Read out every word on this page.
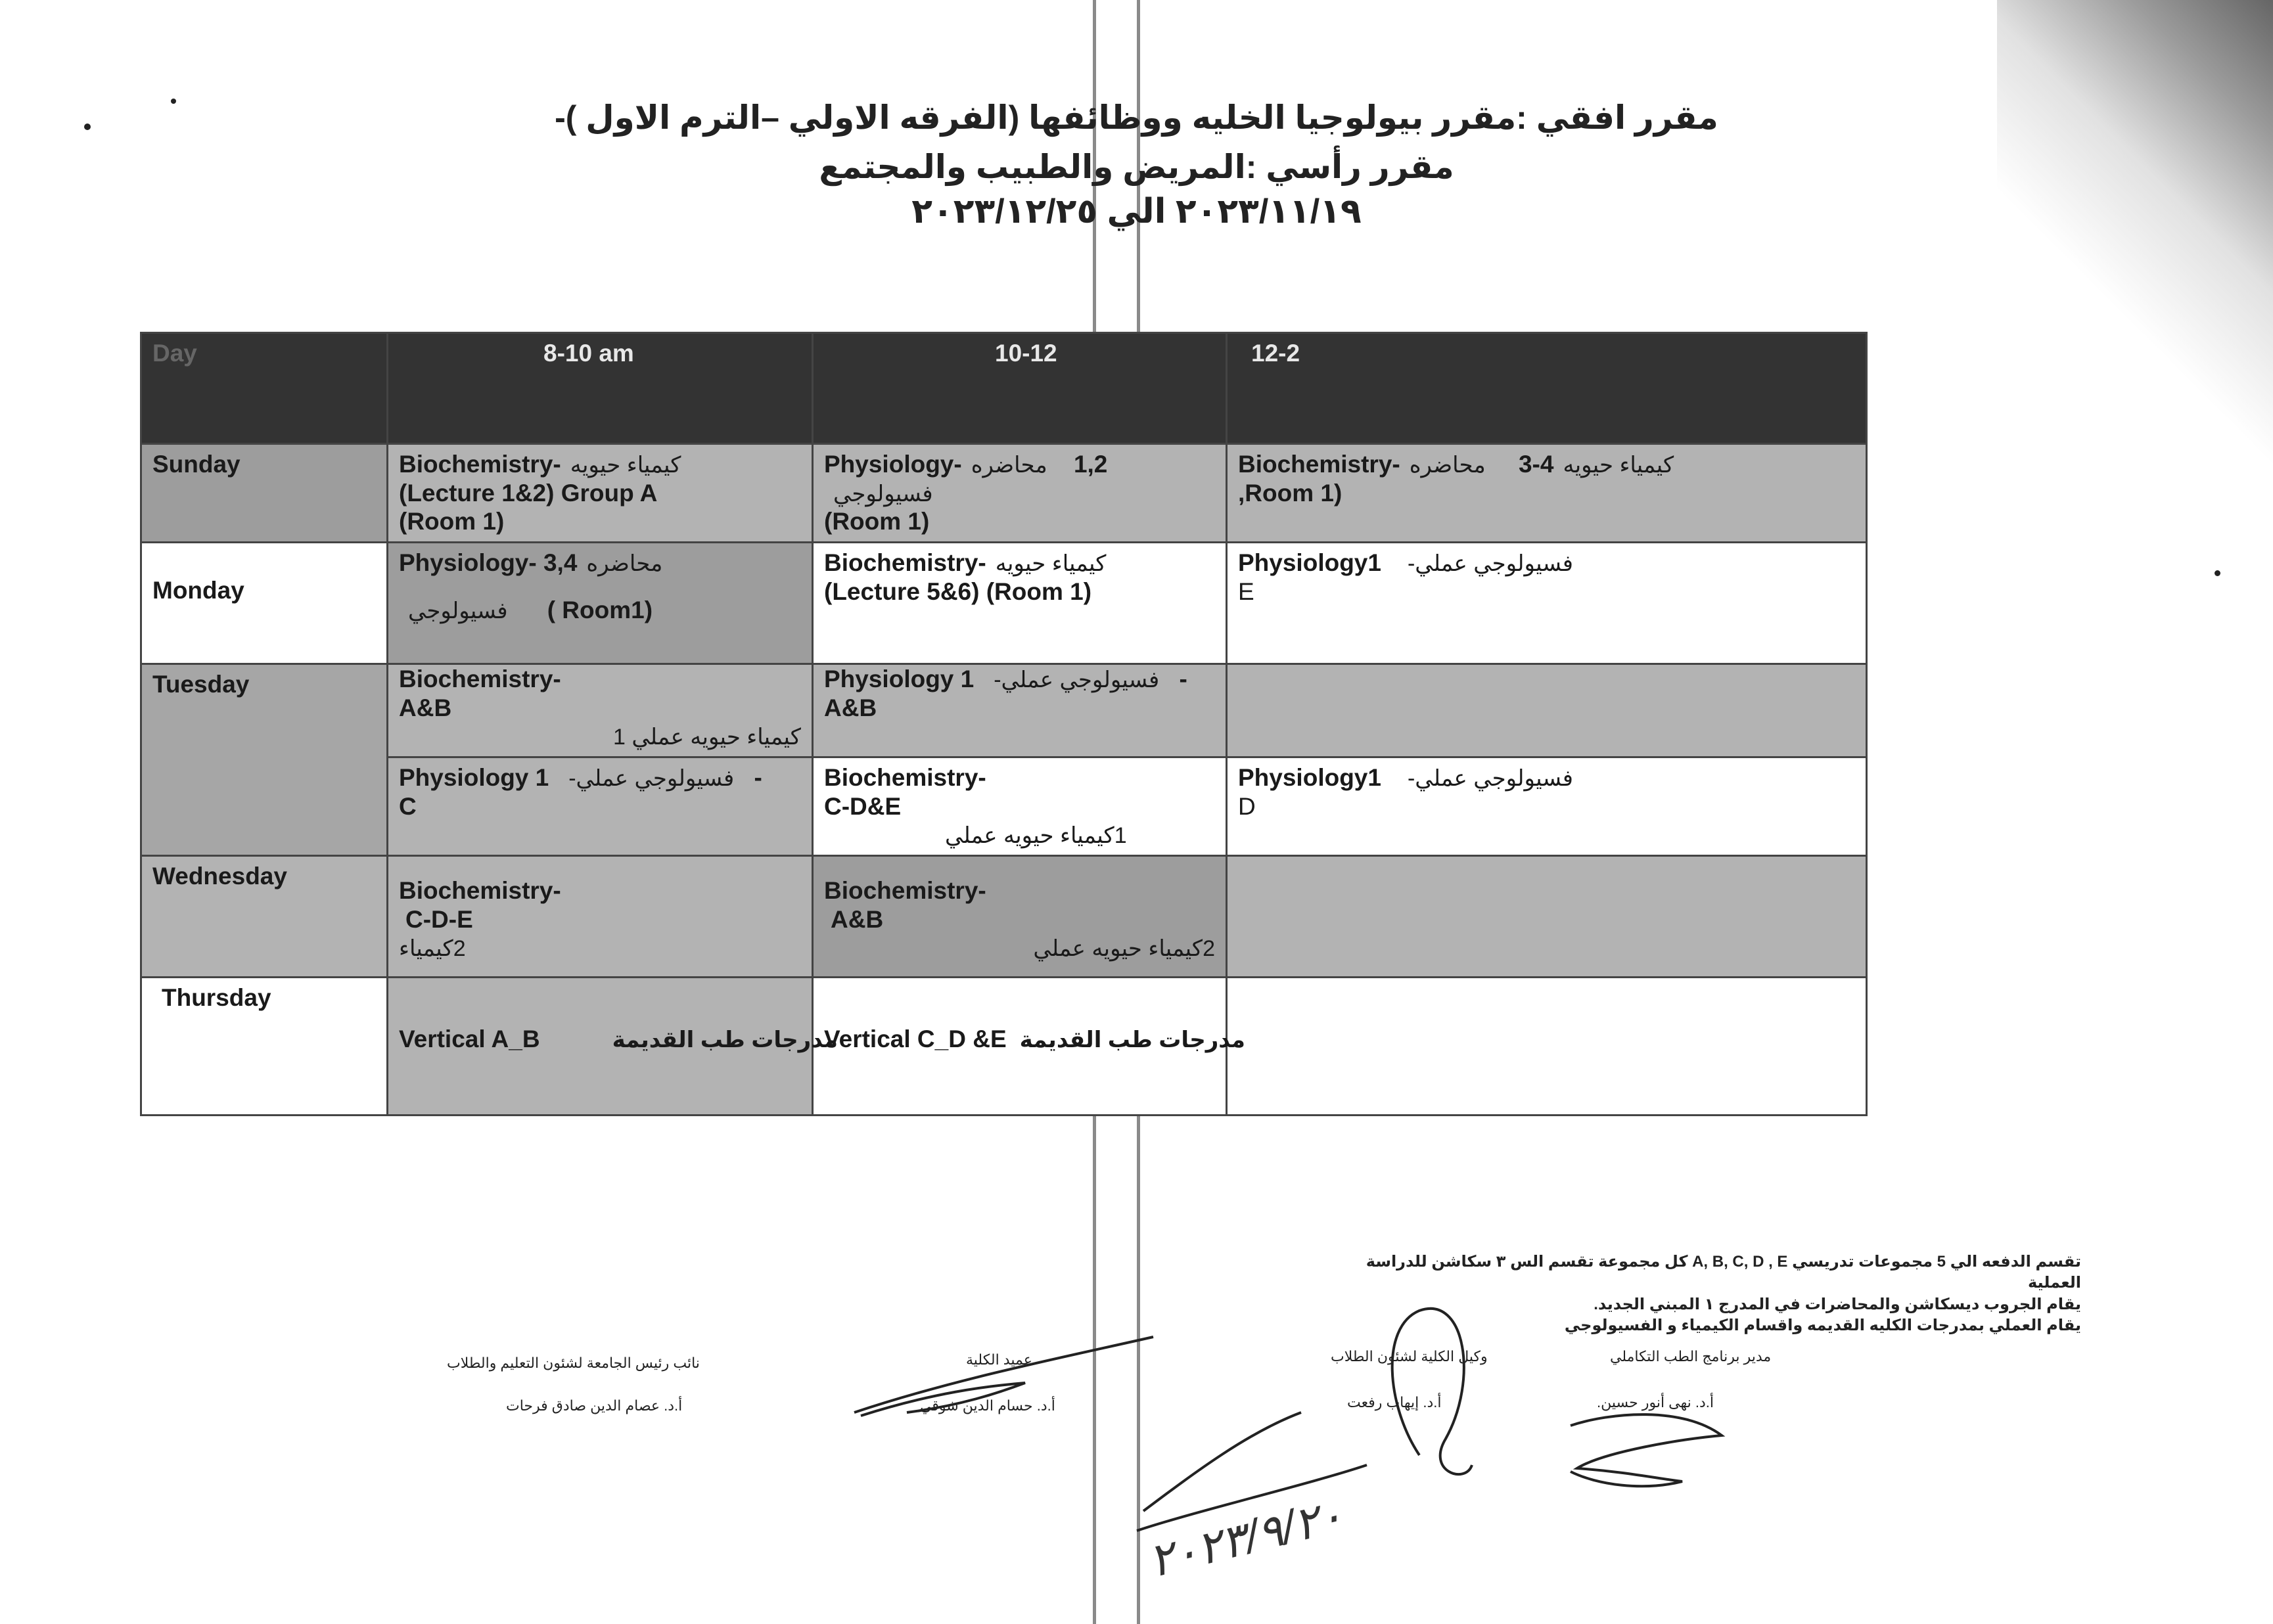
مقرر افقي :مقرر بيولوجيا الخليه ووظائفها (الفرقه الاولي –الترم الاول )-
مقرر رأسي :المريض والطبيب والمجتمع
٢٠٢٣/١١/١٩ الي ٢٠٢٣/١٢/٢٥
Day	8-10 am	10-12	12-2
Sunday	Biochemistry- كيمياء حيويه
(Lecture 1&2) Group A
(Room 1)	Physiology- محاضره 1,2
فسيولوجي
(Room 1)	Biochemistry- محاضره 3-4 كيمياء حيويه
,Room 1)

Monday	Physiology- 3,4 محاضره
فسيولوجي ( Room1)	Biochemistry- كيمياء حيويه
(Lecture 5&6) (Room 1)	Physiology1 فسيولوجي عملي-
E

Tuesday	Biochemistry-
A&B
كيمياء حيويه عملي 1	Physiology 1 فسيولوجي عملي- -
A&B	

	Physiology 1 فسيولوجي عملي- -
C	Biochemistry-
C-D&E
1كيمياء حيويه عملي	Physiology1 فسيولوجي عملي-
D

Wednesday	Biochemistry-
C-D-E
2كيمياء	Biochemistry-
A&B
2كيمياء حيويه عملي	

Thursday	Vertical A_B مدرجات طب القديمة	Vertical C_D &E مدرجات طب القديمة	

تقسم الدفعه الي 5 مجموعات تدريسي A, B, C, D , E كل مجموعة تقسم الس ٣ سكاشن للدراسة العملية
يقام الجروب ديسكاشن والمحاضرات في المدرج ١ المبني الجديد.
يقام العملي بمدرجات الكليه القديمه واقسام الكيمياء و الفسيولوجي
مدير برنامج الطب التكاملي
أ.د. نهى أنور حسين.
وكيل الكلية لشئون الطلاب
أ.د. إيهاب رفعت
عميد الكلية
أ.د. حسام الدين شوقي
نائب رئيس الجامعة لشئون التعليم والطلاب
أ.د. عصام الدين صادق فرحات
٢٠٢٣/٩/٢٠
